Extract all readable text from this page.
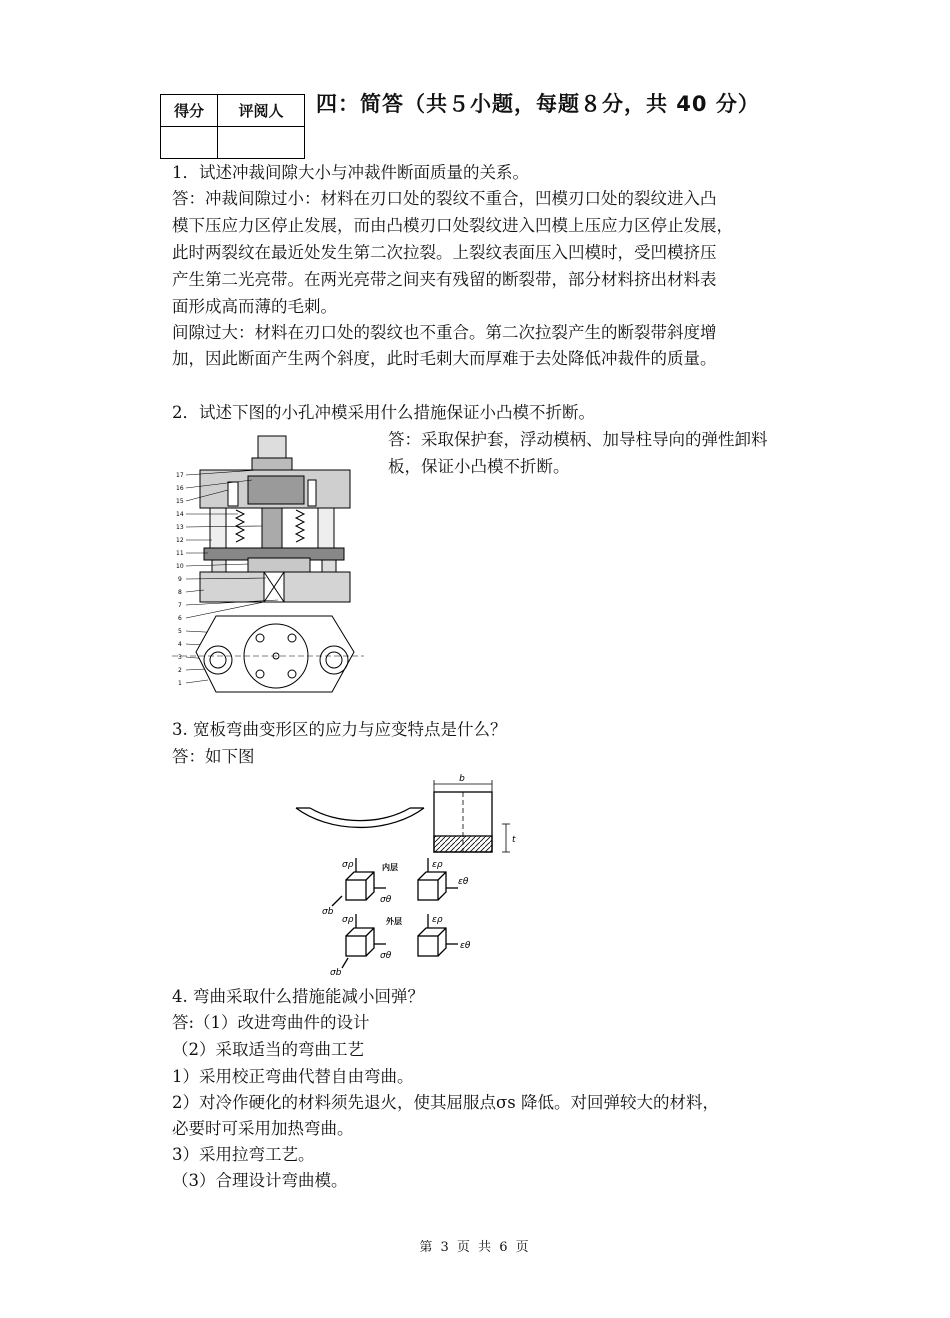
得分	评阅人
	四：简答（共５小题，每题８分，共 40 分）
1．试述冲裁间隙大小与冲裁件断面质量的关系。
答：冲裁间隙过小：材料在刃口处的裂纹不重合，凹模刃口处的裂纹进入凸
模下压应力区停止发展，而由凸模刃口处裂纹进入凹模上压应力区停止发展，
此时两裂纹在最近处发生第二次拉裂。上裂纹表面压入凹模时，受凹模挤压
产生第二光亮带。在两光亮带之间夹有残留的断裂带，部分材料挤出材料表
面形成高而薄的毛刺。
间隙过大：材料在刃口处的裂纹也不重合。第二次拉裂产生的断裂带斜度增
加，因此断面产生两个斜度，此时毛刺大而厚难于去处降低冲裁件的质量。
2．试述下图的小孔冲模采用什么措施保证小凸模不折断。
答：采取保护套，浮动模柄、加导柱导向的弹性卸料
板，保证小凸模不折断。
17
16
15
14
13
12
11
10
9
8
7
6
5
4
3
2
1
3. 宽板弯曲变形区的应力与应变特点是什么？
答：如下图
b
t
σρ
σθ
σb
ερ
εθ
σρ
σθ
σb
ερ
εθ
内层
外层
4. 弯曲采取什么措施能减小回弹？
答:（1）改进弯曲件的设计
（2）采取适当的弯曲工艺
1）采用校正弯曲代替自由弯曲。
2）对冷作硬化的材料须先退火，使其屈服点σs 降低。对回弹较大的材料，
必要时可采用加热弯曲。
3）采用拉弯工艺。
（3）合理设计弯曲模。
第 3 页 共 6 页
